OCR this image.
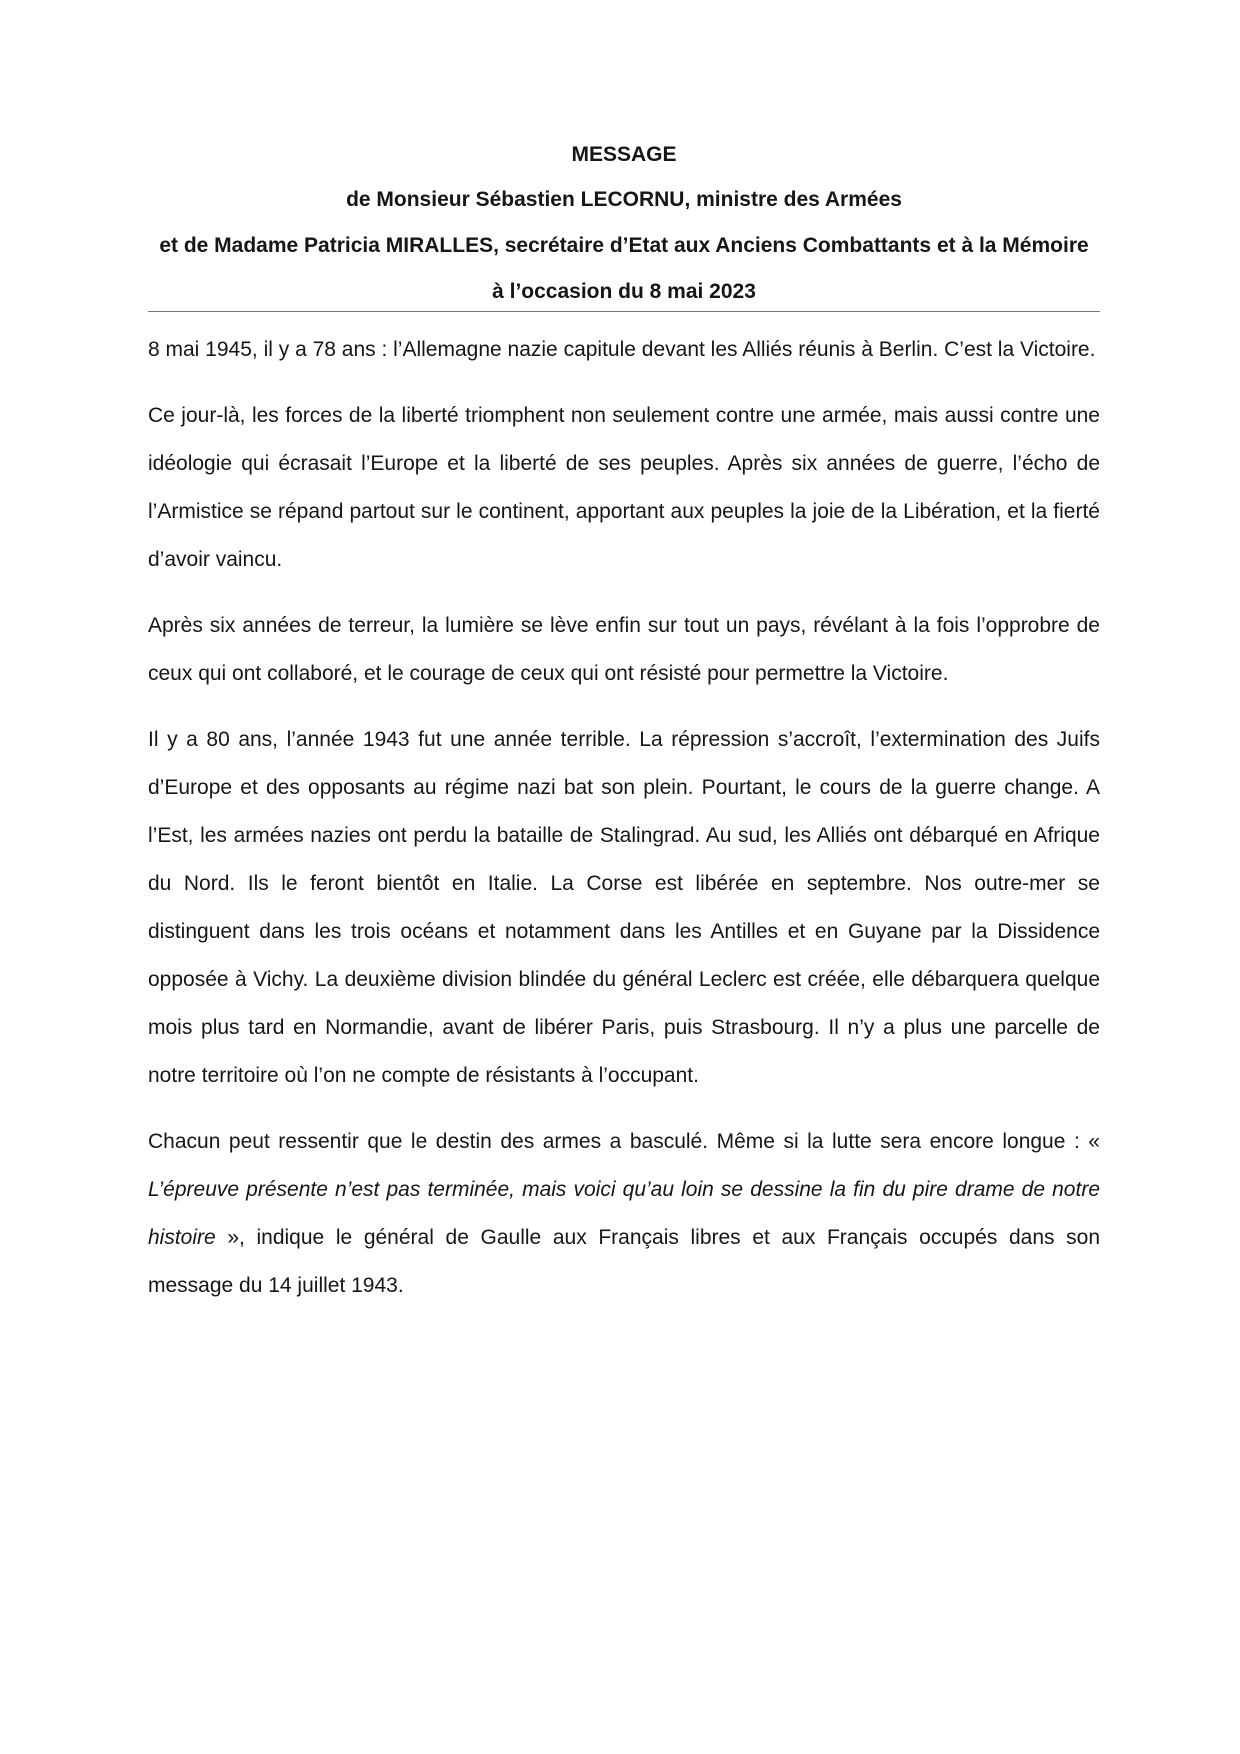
MESSAGE

de Monsieur Sébastien LECORNU, ministre des Armées

et de Madame Patricia MIRALLES, secrétaire d’Etat aux Anciens Combattants et à la Mémoire

à l’occasion du 8 mai 2023

8 mai 1945, il y a 78 ans : l’Allemagne nazie capitule devant les Alliés réunis à Berlin. C’est la Victoire.

Ce jour-là, les forces de la liberté triomphent non seulement contre une armée, mais aussi contre une idéologie qui écrasait l’Europe et la liberté de ses peuples. Après six années de guerre, l’écho de l’Armistice se répand partout sur le continent, apportant aux peuples la joie de la Libération, et la fierté d’avoir vaincu.

Après six années de terreur, la lumière se lève enfin sur tout un pays, révélant à la fois l’opprobre de ceux qui ont collaboré, et le courage de ceux qui ont résisté pour permettre la Victoire.

Il y a 80 ans, l’année 1943 fut une année terrible. La répression s’accroît, l’extermination des Juifs d’Europe et des opposants au régime nazi bat son plein. Pourtant, le cours de la guerre change. A l’Est, les armées nazies ont perdu la bataille de Stalingrad. Au sud, les Alliés ont débarqué en Afrique du Nord. Ils le feront bientôt en Italie. La Corse est libérée en septembre. Nos outre-mer se distinguent dans les trois océans et notamment dans les Antilles et en Guyane par la Dissidence opposée à Vichy. La deuxième division blindée du général Leclerc est créée, elle débarquera quelque mois plus tard en Normandie, avant de libérer Paris, puis Strasbourg. Il n’y a plus une parcelle de notre territoire où l’on ne compte de résistants à l’occupant.

Chacun peut ressentir que le destin des armes a basculé. Même si la lutte sera encore longue : « L’épreuve présente n’est pas terminée, mais voici qu’au loin se dessine la fin du pire drame de notre histoire », indique le général de Gaulle aux Français libres et aux Français occupés dans son message du 14 juillet 1943.
